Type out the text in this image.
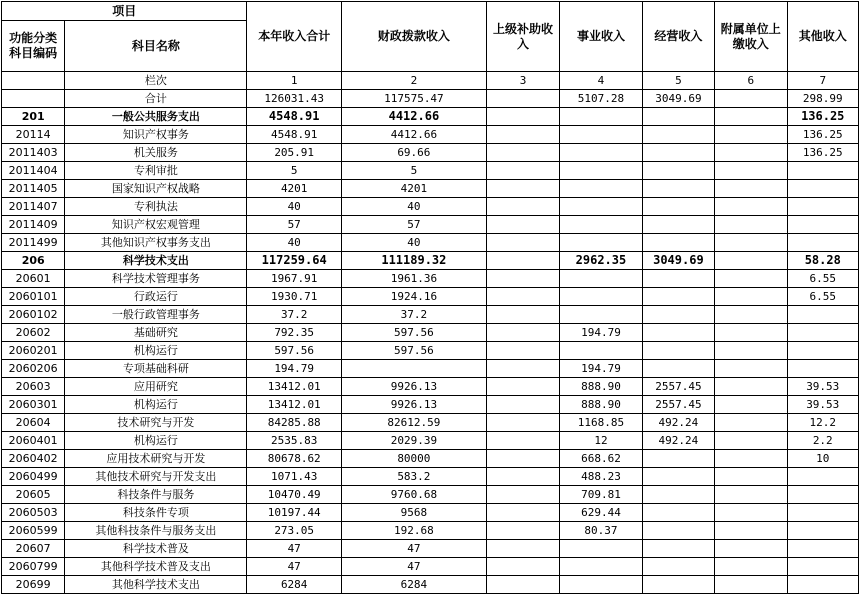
项目		本年收入合计	财政拨款收入	上级补助收入	事业收入	经营收入	附属单位上缴收入	其他收入
功能分类科目编码	科目名称							
	栏次	1	2	3	4	5	6	7
	合计	126031.43	117575.47		5107.28	3049.69		298.99
201	一般公共服务支出	4548.91	4412.66					136.25
20114	知识产权事务	4548.91	4412.66					136.25
2011403	机关服务	205.91	69.66					136.25
2011404	专利审批	5	5					
2011405	国家知识产权战略	4201	4201					
2011407	专利执法	40	40					
2011409	知识产权宏观管理	57	57					
2011499	其他知识产权事务支出	40	40					
206	科学技术支出	117259.64	111189.32		2962.35	3049.69		58.28
20601	科学技术管理事务	1967.91	1961.36					6.55
2060101	行政运行	1930.71	1924.16					6.55
2060102	一般行政管理事务	37.2	37.2					
20602	基础研究	792.35	597.56		194.79			
2060201	机构运行	597.56	597.56					
2060206	专项基础科研	194.79			194.79			
20603	应用研究	13412.01	9926.13		888.90	2557.45		39.53
2060301	机构运行	13412.01	9926.13		888.90	2557.45		39.53
20604	技术研究与开发	84285.88	82612.59		1168.85	492.24		12.2
2060401	机构运行	2535.83	2029.39		12	492.24		2.2
2060402	应用技术研究与开发	80678.62	80000		668.62			10
2060499	其他技术研究与开发支出	1071.43	583.2		488.23			
20605	科技条件与服务	10470.49	9760.68		709.81			
2060503	科技条件专项	10197.44	9568		629.44			
2060599	其他科技条件与服务支出	273.05	192.68		80.37			
20607	科学技术普及	47	47					
2060799	其他科学技术普及支出	47	47					
20699	其他科学技术支出	6284	6284					
